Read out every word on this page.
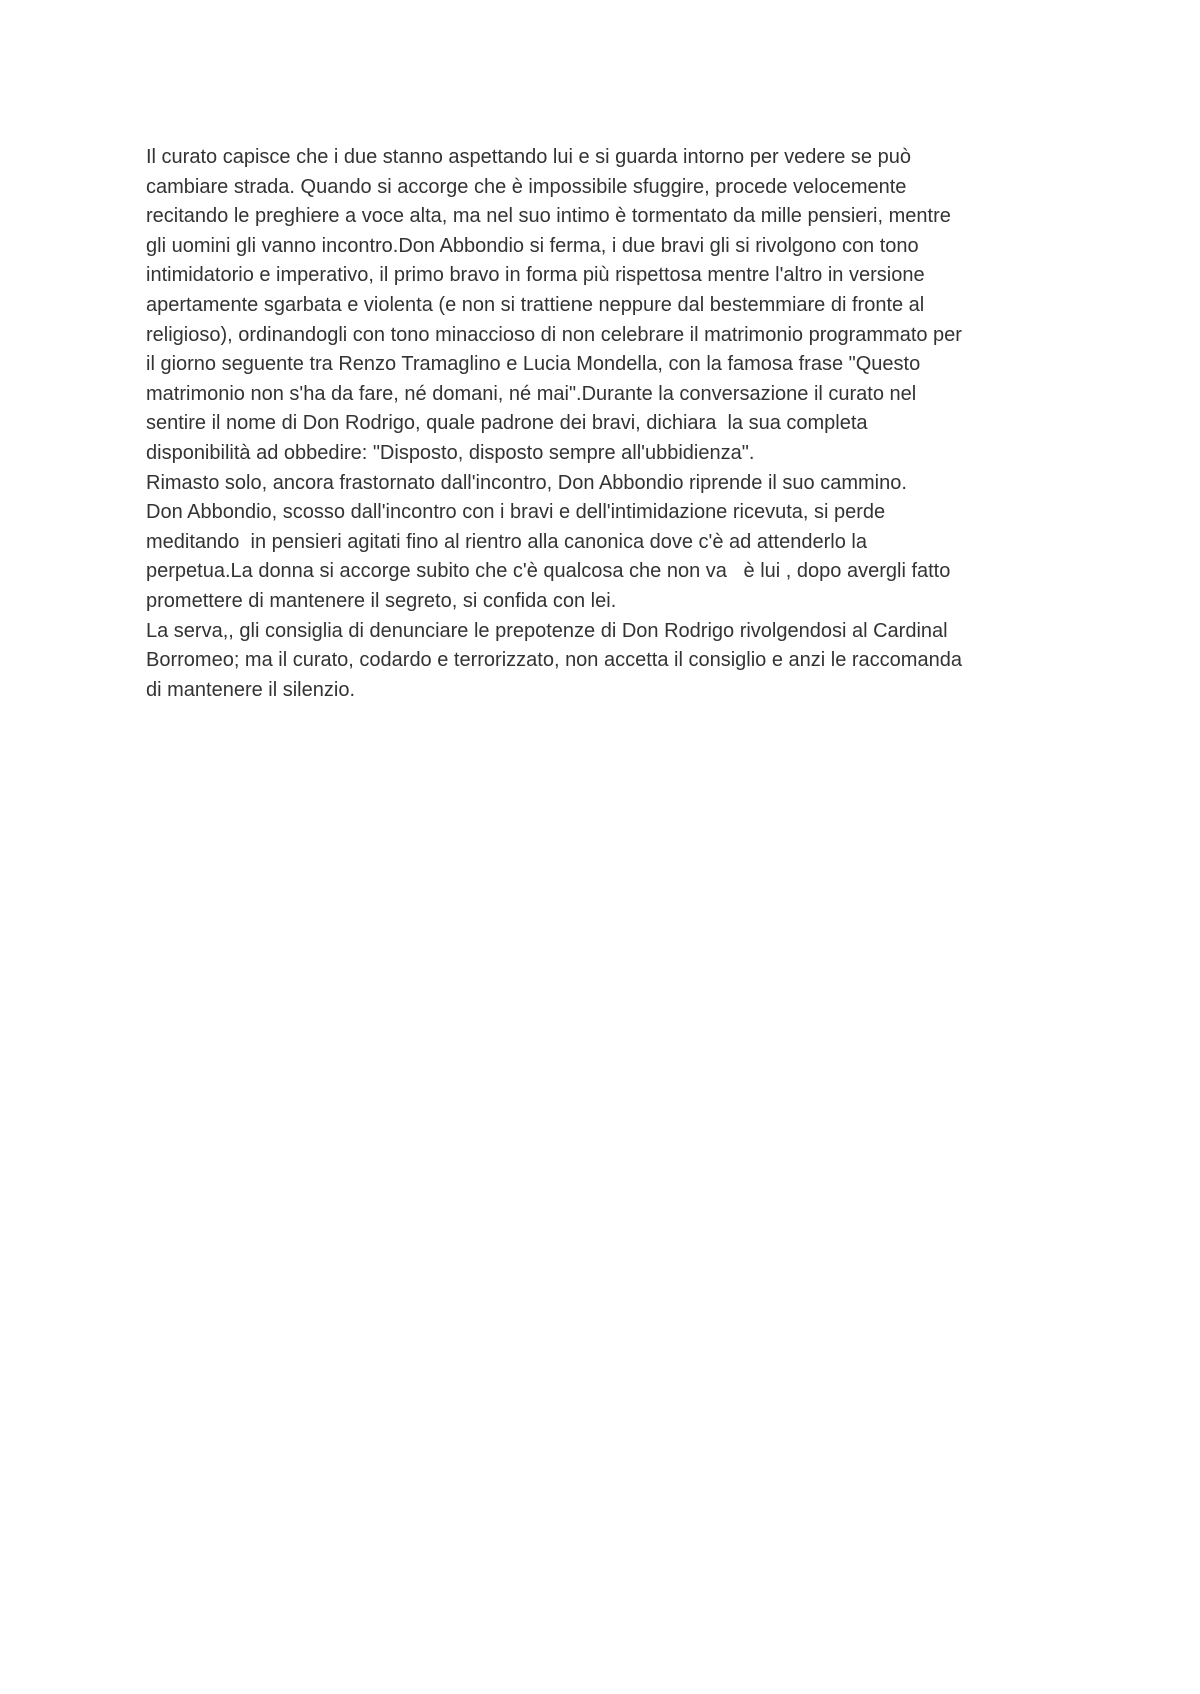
Il curato capisce che i due stanno aspettando lui e si guarda intorno per vedere se può
cambiare strada. Quando si accorge che è impossibile sfuggire, procede velocemente
recitando le preghiere a voce alta, ma nel suo intimo è tormentato da mille pensieri, mentre
gli uomini gli vanno incontro.Don Abbondio si ferma, i due bravi gli si rivolgono con tono
intimidatorio e imperativo, il primo bravo in forma più rispettosa mentre l'altro in versione
apertamente sgarbata e violenta (e non si trattiene neppure dal bestemmiare di fronte al
religioso), ordinandogli con tono minaccioso di non celebrare il matrimonio programmato per
il giorno seguente tra Renzo Tramaglino e Lucia Mondella, con la famosa frase "Questo
matrimonio non s'ha da fare, né domani, né mai".Durante la conversazione il curato nel
sentire il nome di Don Rodrigo, quale padrone dei bravi, dichiara  la sua completa
disponibilità ad obbedire: "Disposto, disposto sempre all'ubbidienza".
Rimasto solo, ancora frastornato dall'incontro, Don Abbondio riprende il suo cammino.
Don Abbondio, scosso dall'incontro con i bravi e dell'intimidazione ricevuta, si perde
meditando  in pensieri agitati fino al rientro alla canonica dove c'è ad attenderlo la
perpetua.La donna si accorge subito che c'è qualcosa che non va   è lui , dopo avergli fatto
promettere di mantenere il segreto, si confida con lei.
La serva,, gli consiglia di denunciare le prepotenze di Don Rodrigo rivolgendosi al Cardinal
Borromeo; ma il curato, codardo e terrorizzato, non accetta il consiglio e anzi le raccomanda
di mantenere il silenzio.
